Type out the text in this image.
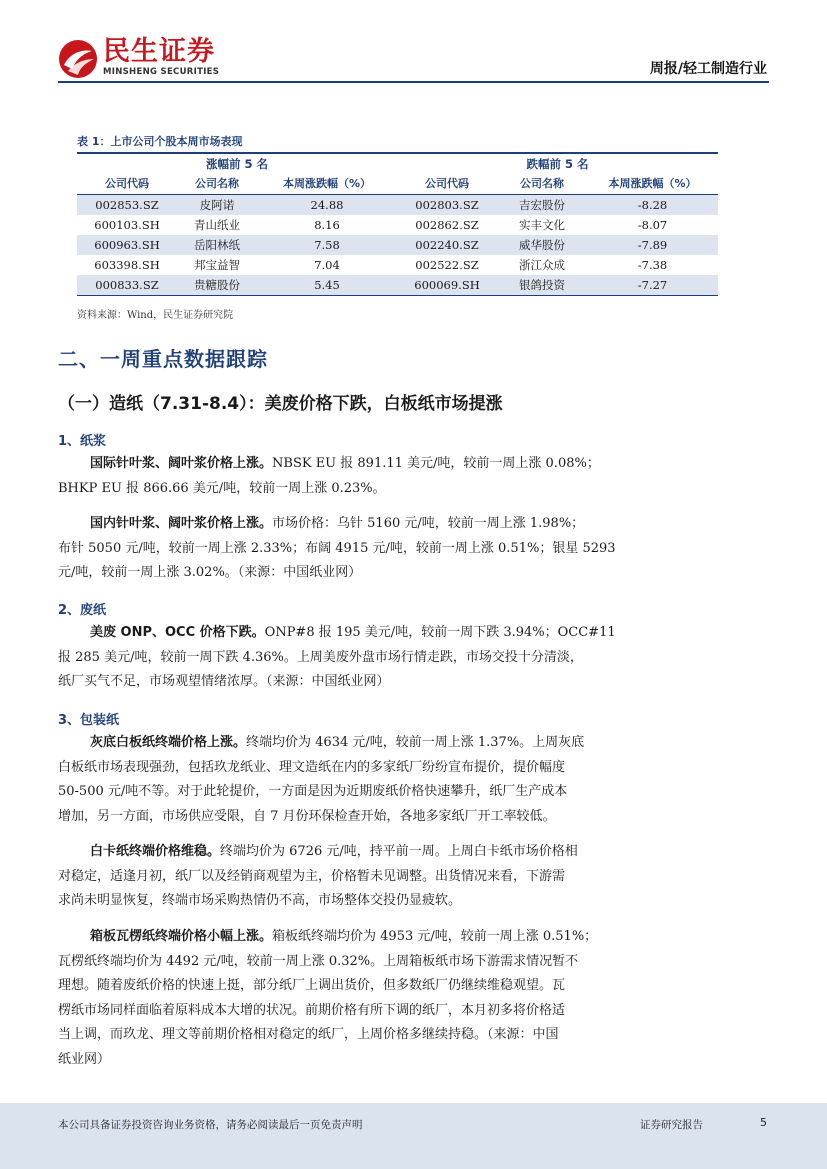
民生证券
MINSHENG SECURITIES	周报/轻工制造行业
表 1：上市公司个股本周市场表现
涨幅前 5 名			跌幅前 5 名		
公司代码	公司名称	本周涨跌幅（%）	公司代码	公司名称	本周涨跌幅（%）
002853.SZ	皮阿诺	24.88	002803.SZ	吉宏股份	-8.28
600103.SH	青山纸业	8.16	002862.SZ	实丰文化	-8.07
600963.SH	岳阳林纸	7.58	002240.SZ	威华股份	-7.89
603398.SH	邦宝益智	7.04	002522.SZ	浙江众成	-7.38
000833.SZ	贵糖股份	5.45	600069.SH	银鸽投资	-7.27
资料来源：Wind，民生证券研究院
二、一周重点数据跟踪
（一）造纸（7.31-8.4）：美废价格下跌，白板纸市场提涨
1、纸浆
国际针叶浆、阔叶浆价格上涨。NBSK EU 报 891.11 美元/吨，较前一周上涨 0.08%；
BHKP EU 报 866.66 美元/吨，较前一周上涨 0.23%。
国内针叶浆、阔叶浆价格上涨。市场价格：乌针 5160 元/吨，较前一周上涨 1.98%；
布针 5050 元/吨，较前一周上涨 2.33%；布阔 4915 元/吨，较前一周上涨 0.51%；银星 5293
元/吨，较前一周上涨 3.02%。（来源：中国纸业网）
2、废纸
美废 ONP、OCC 价格下跌。ONP#8 报 195 美元/吨，较前一周下跌 3.94%；OCC#11
报 285 美元/吨，较前一周下跌 4.36%。上周美废外盘市场行情走跌，市场交投十分清淡，
纸厂买气不足，市场观望情绪浓厚。（来源：中国纸业网）
3、包装纸
灰底白板纸终端价格上涨。终端均价为 4634 元/吨，较前一周上涨 1.37%。上周灰底
白板纸市场表现强劲，包括玖龙纸业、理文造纸在内的多家纸厂纷纷宣布提价，提价幅度
50-500 元/吨不等。对于此轮提价，一方面是因为近期废纸价格快速攀升，纸厂生产成本
增加，另一方面，市场供应受限，自 7 月份环保检查开始，各地多家纸厂开工率较低。
白卡纸终端价格维稳。终端均价为 6726 元/吨，持平前一周。上周白卡纸市场价格相
对稳定，适逢月初，纸厂以及经销商观望为主，价格暂未见调整。出货情况来看，下游需
求尚未明显恢复，终端市场采购热情仍不高，市场整体交投仍显疲软。
箱板瓦楞纸终端价格小幅上涨。箱板纸终端均价为 4953 元/吨，较前一周上涨 0.51%；
瓦楞纸终端均价为 4492 元/吨，较前一周上涨 0.32%。上周箱板纸市场下游需求情况暂不
理想。随着废纸价格的快速上挺，部分纸厂上调出货价，但多数纸厂仍继续维稳观望。瓦
楞纸市场同样面临着原料成本大增的状况。前期价格有所下调的纸厂，本月初多将价格适
当上调，而玖龙、理文等前期价格相对稳定的纸厂，上周价格多继续持稳。（来源：中国
纸业网）
本公司具备证券投资咨询业务资格，请务必阅读最后一页免责声明	证券研究报告	5
